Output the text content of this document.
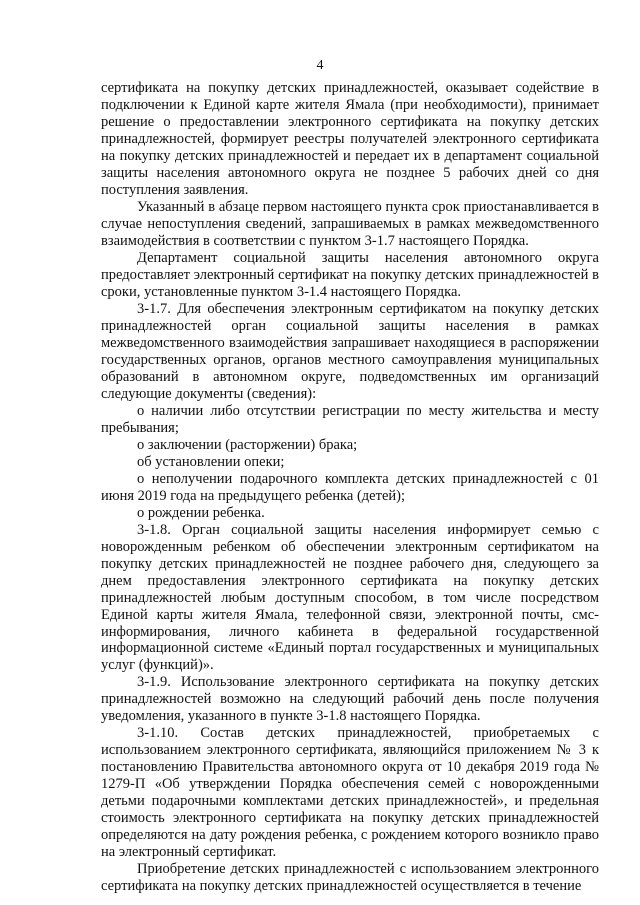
4

сертификата на покупку детских принадлежностей, оказывает содействие в подключении к Единой карте жителя Ямала (при необходимости), принимает решение о предоставлении электронного сертификата на покупку детских принадлежностей, формирует реестры получателей электронного сертификата на покупку детских принадлежностей и передает их в департамент социальной защиты населения автономного округа не позднее 5 рабочих дней со дня поступления заявления.

Указанный в абзаце первом настоящего пункта срок приостанавливается в случае непоступления сведений, запрашиваемых в рамках межведомственного взаимодействия в соответствии с пунктом 3-1.7 настоящего Порядка.

Департамент социальной защиты населения автономного округа предоставляет электронный сертификат на покупку детских принадлежностей в сроки, установленные пунктом 3-1.4 настоящего Порядка.

3-1.7. Для обеспечения электронным сертификатом на покупку детских принадлежностей орган социальной защиты населения в рамках межведомственного взаимодействия запрашивает находящиеся в распоряжении государственных органов, органов местного самоуправления муниципальных образований в автономном округе, подведомственных им организаций следующие документы (сведения):

о наличии либо отсутствии регистрации по месту жительства и месту пребывания;

о заключении (расторжении) брака;

об установлении опеки;

о неполучении подарочного комплекта детских принадлежностей с 01 июня 2019 года на предыдущего ребенка (детей);

о рождении ребенка.

3-1.8. Орган социальной защиты населения информирует семью с новорожденным ребенком об обеспечении электронным сертификатом на покупку детских принадлежностей не позднее рабочего дня, следующего за днем предоставления электронного сертификата на покупку детских принадлежностей любым доступным способом, в том числе посредством Единой карты жителя Ямала, телефонной связи, электронной почты, смс-информирования, личного кабинета в федеральной государственной информационной системе «Единый портал государственных и муниципальных услуг (функций)».

3-1.9. Использование электронного сертификата на покупку детских принадлежностей возможно на следующий рабочий день после получения уведомления, указанного в пункте 3-1.8 настоящего Порядка.

3-1.10. Состав детских принадлежностей, приобретаемых с использованием электронного сертификата, являющийся приложением № 3 к постановлению Правительства автономного округа от 10 декабря 2019 года № 1279-П «Об утверждении Порядка обеспечения семей с новорожденными детьми подарочными комплектами детских принадлежностей», и предельная стоимость электронного сертификата на покупку детских принадлежностей определяются на дату рождения ребенка, с рождением которого возникло право на электронный сертификат.

Приобретение детских принадлежностей с использованием электронного сертификата на покупку детских принадлежностей осуществляется в течение
